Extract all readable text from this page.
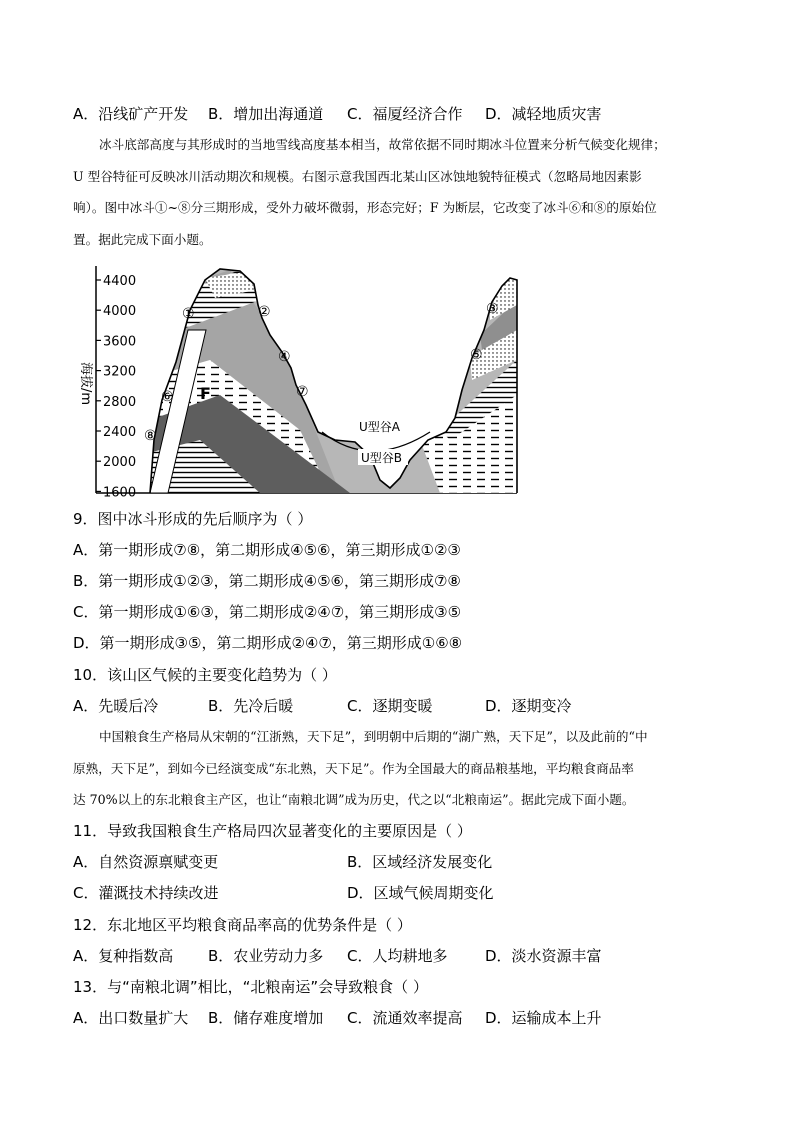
A．沿线矿产开发 B．增加出海通道 C．福厦经济合作 D．减轻地质灾害
冰斗底部高度与其形成时的当地雪线高度基本相当，故常依据不同时期冰斗位置来分析气候变化规律；
U 型谷特征可反映冰川活动期次和规模。右图示意我国西北某山区冰蚀地貌特征模式（忽略局地因素影
响）。图中冰斗①~⑧分三期形成，受外力破坏微弱，形态完好；F 为断层，它改变了冰斗⑥和⑧的原始位
置。据此完成下面小题。
4400
4000
3600
3200
2800
2400
2000
1600
海拔/m	F
U型谷A
U型谷B
①	②	③
④	⑤
⑥	⑦
⑧
9．图中冰斗形成的先后顺序为（ ）
A．第一期形成⑦⑧，第二期形成④⑤⑥，第三期形成①②③
B．第一期形成①②③，第二期形成④⑤⑥，第三期形成⑦⑧
C．第一期形成①⑥③，第二期形成②④⑦，第三期形成③⑤
D．第一期形成③⑤，第二期形成②④⑦，第三期形成①⑥⑧
10．该山区气候的主要变化趋势为（ ）
A．先暖后冷	B．先冷后暖	C．逐期变暖	D．逐期变冷
中国粮食生产格局从宋朝的“江浙熟，天下足”，到明朝中后期的“湖广熟，天下足”，以及此前的“中
原熟，天下足”，到如今已经演变成“东北熟，天下足”。作为全国最大的商品粮基地，平均粮食商品率
达 70%以上的东北粮食主产区，也让“南粮北调”成为历史，代之以“北粮南运”。据此完成下面小题。
11．导致我国粮食生产格局四次显著变化的主要原因是（ ）
A．自然资源禀赋变更	B．区域经济发展变化
C．灌溉技术持续改进	D．区域气候周期变化
12．东北地区平均粮食商品率高的优势条件是（ ）
A．复种指数高 B．农业劳动力多 C．人均耕地多	D．淡水资源丰富
13．与“南粮北调”相比，“北粮南运”会导致粮食（ ）
A．出口数量扩大 B．储存难度增加 C．流通效率提高 D．运输成本上升
